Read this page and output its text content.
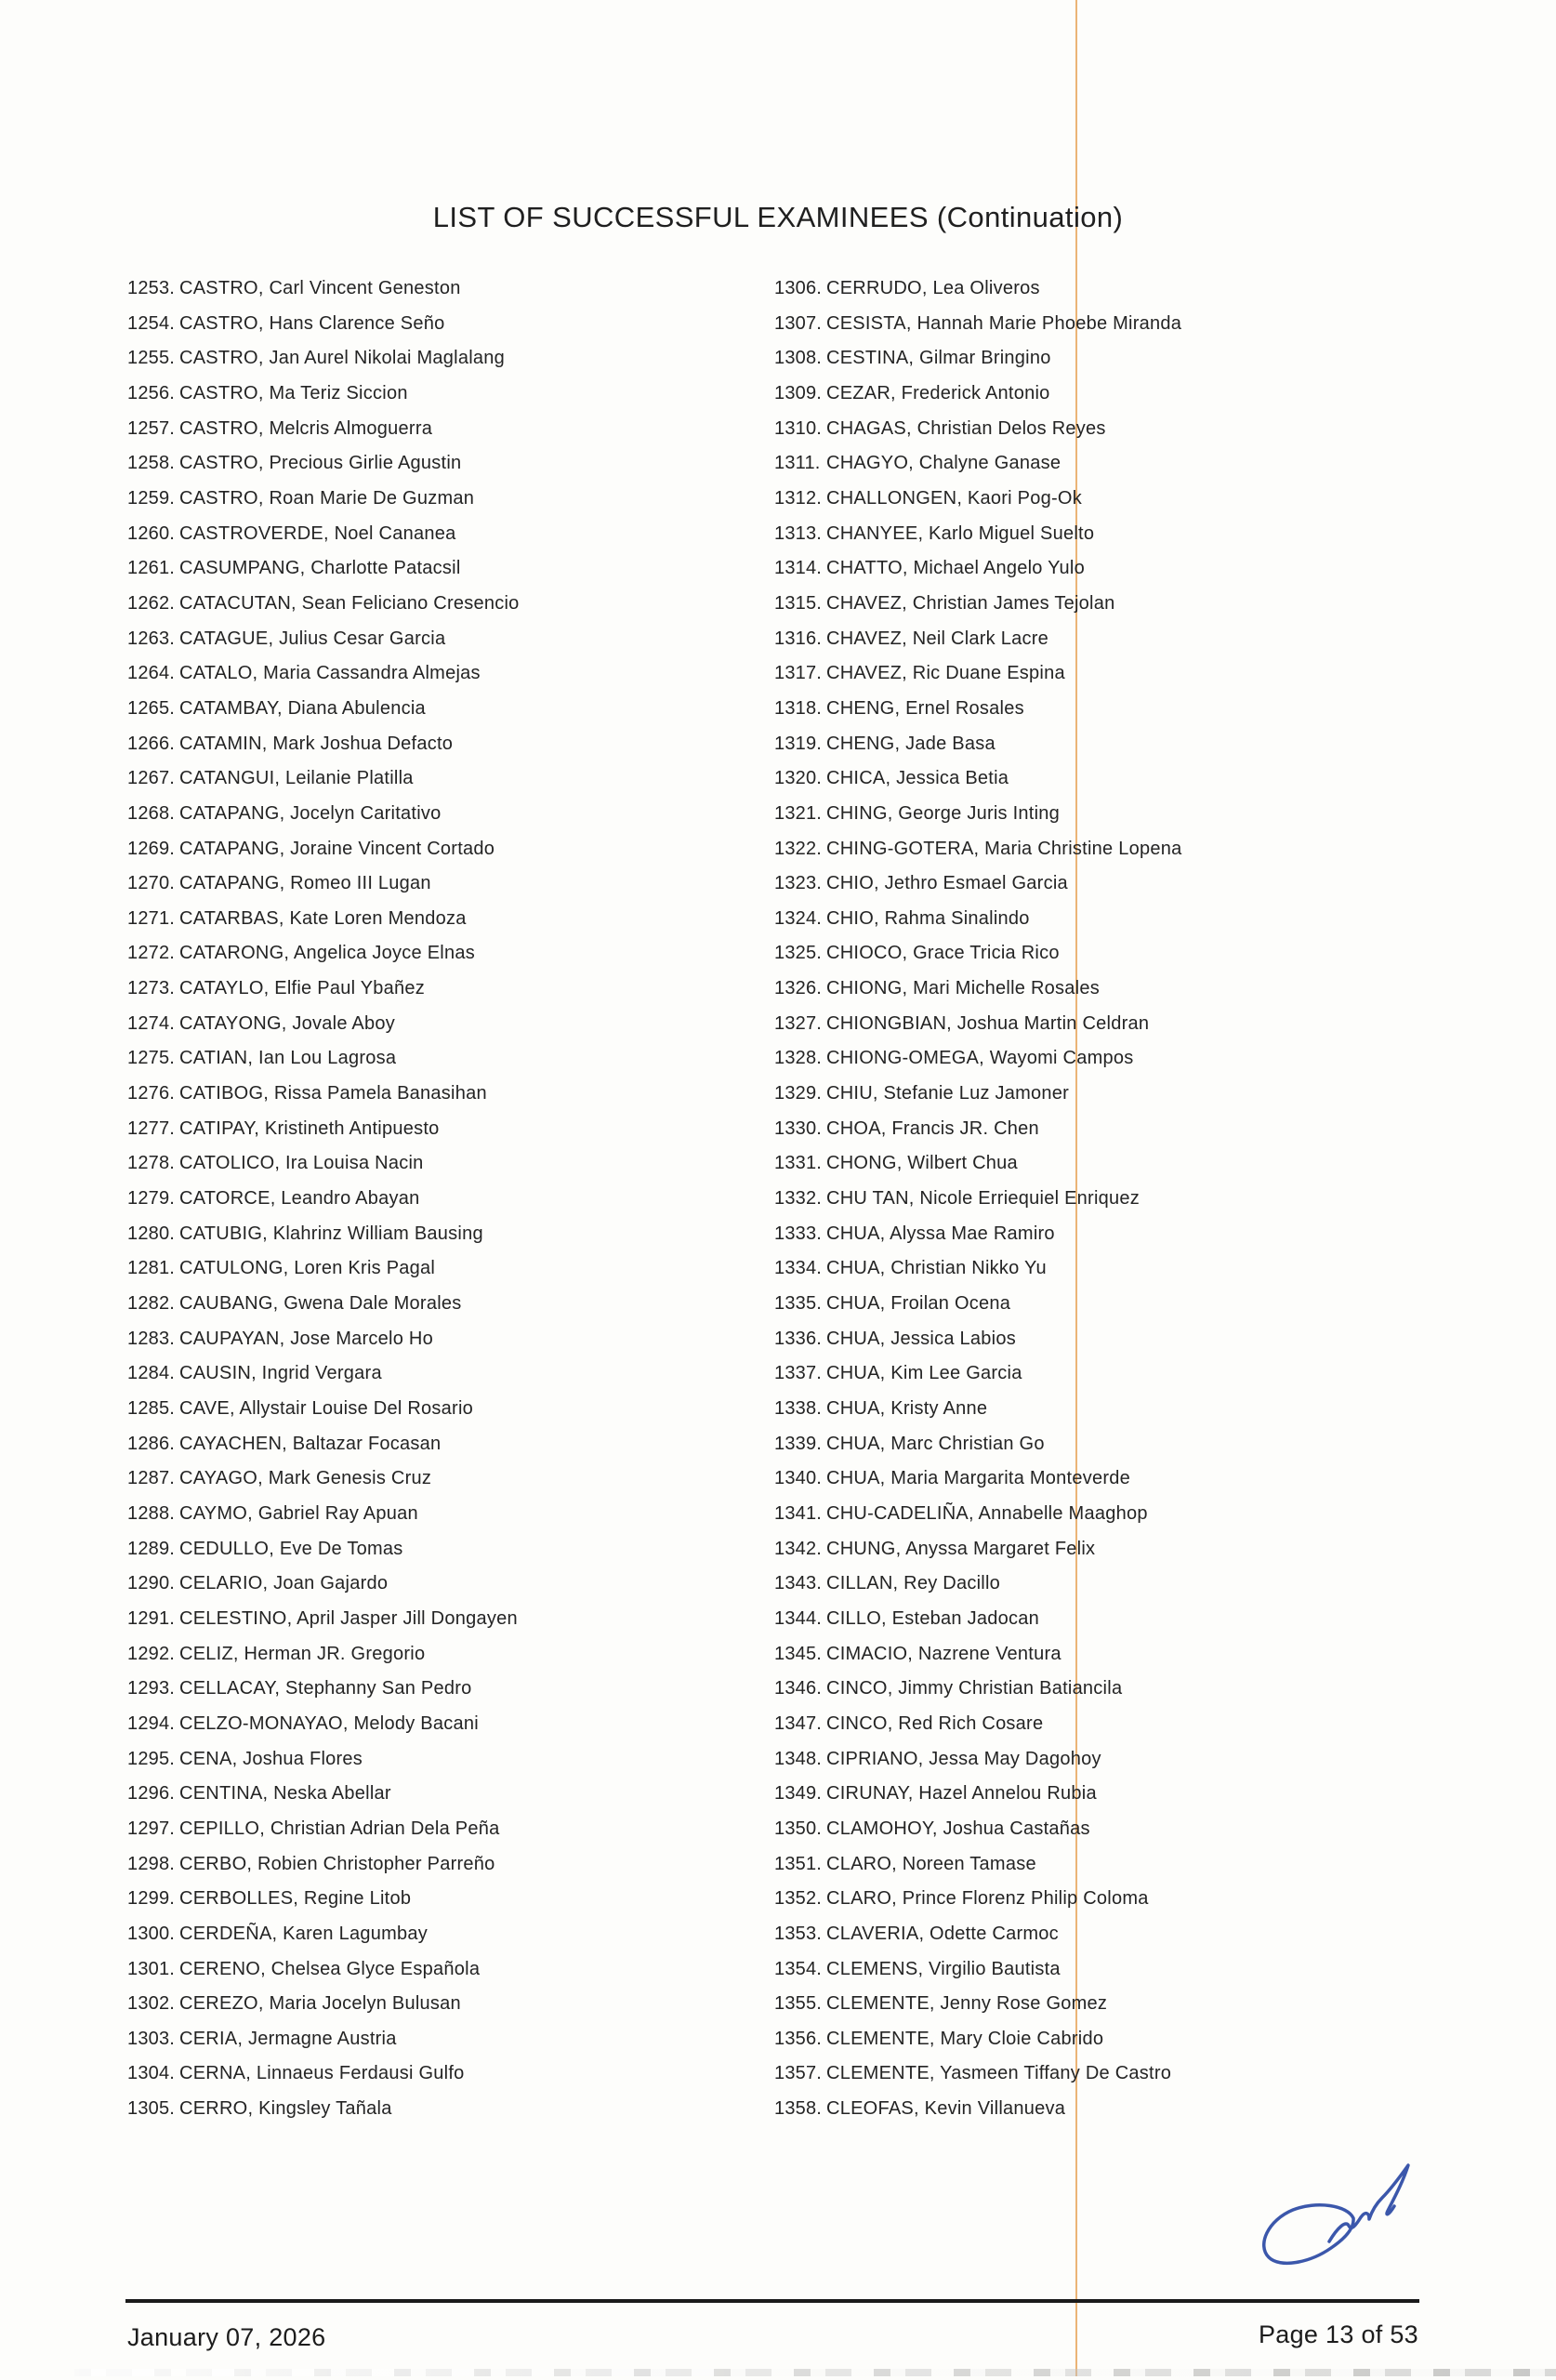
LIST OF SUCCESSFUL EXAMINEES (Continuation)
1253. CASTRO, Carl Vincent Geneston
1254. CASTRO, Hans Clarence Seño
1255. CASTRO, Jan Aurel Nikolai Maglalang
1256. CASTRO, Ma Teriz Siccion
1257. CASTRO, Melcris Almoguerra
1258. CASTRO, Precious Girlie Agustin
1259. CASTRO, Roan Marie De Guzman
1260. CASTROVERDE, Noel Cananea
1261. CASUMPANG, Charlotte Patacsil
1262. CATACUTAN, Sean Feliciano Cresencio
1263. CATAGUE, Julius Cesar Garcia
1264. CATALO, Maria Cassandra Almejas
1265. CATAMBAY, Diana Abulencia
1266. CATAMIN, Mark Joshua Defacto
1267. CATANGUI, Leilanie Platilla
1268. CATAPANG, Jocelyn Caritativo
1269. CATAPANG, Joraine Vincent Cortado
1270. CATAPANG, Romeo III Lugan
1271. CATARBAS, Kate Loren Mendoza
1272. CATARONG, Angelica Joyce Elnas
1273. CATAYLO, Elfie Paul Ybañez
1274. CATAYONG, Jovale Aboy
1275. CATIAN, Ian Lou Lagrosa
1276. CATIBOG, Rissa Pamela Banasihan
1277. CATIPAY, Kristineth Antipuesto
1278. CATOLICO, Ira Louisa Nacin
1279. CATORCE, Leandro Abayan
1280. CATUBIG, Klahrinz William Bausing
1281. CATULONG, Loren Kris Pagal
1282. CAUBANG, Gwena Dale Morales
1283. CAUPAYAN, Jose Marcelo Ho
1284. CAUSIN, Ingrid Vergara
1285. CAVE, Allystair Louise Del Rosario
1286. CAYACHEN, Baltazar Focasan
1287. CAYAGO, Mark Genesis Cruz
1288. CAYMO, Gabriel Ray Apuan
1289. CEDULLO, Eve De Tomas
1290. CELARIO, Joan Gajardo
1291. CELESTINO, April Jasper Jill Dongayen
1292. CELIZ, Herman JR. Gregorio
1293. CELLACAY, Stephanny San Pedro
1294. CELZO-MONAYAO, Melody Bacani
1295. CENA, Joshua Flores
1296. CENTINA, Neska Abellar
1297. CEPILLO, Christian Adrian Dela Peña
1298. CERBO, Robien Christopher Parreño
1299. CERBOLLES, Regine Litob
1300. CERDEÑA, Karen Lagumbay
1301. CERENO, Chelsea Glyce Española
1302. CEREZO, Maria Jocelyn Bulusan
1303. CERIA, Jermagne Austria
1304. CERNA, Linnaeus Ferdausi Gulfo
1305. CERRO, Kingsley Tañala
1306. CERRUDO, Lea Oliveros
1307. CESISTA, Hannah Marie Phoebe Miranda
1308. CESTINA, Gilmar Bringino
1309. CEZAR, Frederick Antonio
1310. CHAGAS, Christian Delos Reyes
1311. CHAGYO, Chalyne Ganase
1312. CHALLONGEN, Kaori Pog-Ok
1313. CHANYEE, Karlo Miguel Suelto
1314. CHATTO, Michael Angelo Yulo
1315. CHAVEZ, Christian James Tejolan
1316. CHAVEZ, Neil Clark Lacre
1317. CHAVEZ, Ric Duane Espina
1318. CHENG, Ernel Rosales
1319. CHENG, Jade Basa
1320. CHICA, Jessica Betia
1321. CHING, George Juris Inting
1322. CHING-GOTERA, Maria Christine Lopena
1323. CHIO, Jethro Esmael Garcia
1324. CHIO, Rahma Sinalindo
1325. CHIOCO, Grace Tricia Rico
1326. CHIONG, Mari Michelle Rosales
1327. CHIONGBIAN, Joshua Martin Celdran
1328. CHIONG-OMEGA, Wayomi Campos
1329. CHIU, Stefanie Luz Jamoner
1330. CHOA, Francis JR. Chen
1331. CHONG, Wilbert Chua
1332. CHU TAN, Nicole Erriequiel Enriquez
1333. CHUA, Alyssa Mae Ramiro
1334. CHUA, Christian Nikko Yu
1335. CHUA, Froilan Ocena
1336. CHUA, Jessica Labios
1337. CHUA, Kim Lee Garcia
1338. CHUA, Kristy Anne
1339. CHUA, Marc Christian Go
1340. CHUA, Maria Margarita Monteverde
1341. CHU-CADELIÑA, Annabelle Maaghop
1342. CHUNG, Anyssa Margaret Felix
1343. CILLAN, Rey Dacillo
1344. CILLO, Esteban Jadocan
1345. CIMACIO, Nazrene Ventura
1346. CINCO, Jimmy Christian Batiancila
1347. CINCO, Red Rich Cosare
1348. CIPRIANO, Jessa May Dagohoy
1349. CIRUNAY, Hazel Annelou Rubia
1350. CLAMOHOY, Joshua Castañas
1351. CLARO, Noreen Tamase
1352. CLARO, Prince Florenz Philip Coloma
1353. CLAVERIA, Odette Carmoc
1354. CLEMENS, Virgilio Bautista
1355. CLEMENTE, Jenny Rose Gomez
1356. CLEMENTE, Mary Cloie Cabrido
1357. CLEMENTE, Yasmeen Tiffany De Castro
1358. CLEOFAS, Kevin Villanueva
January 07, 2026	Page 13 of 53
